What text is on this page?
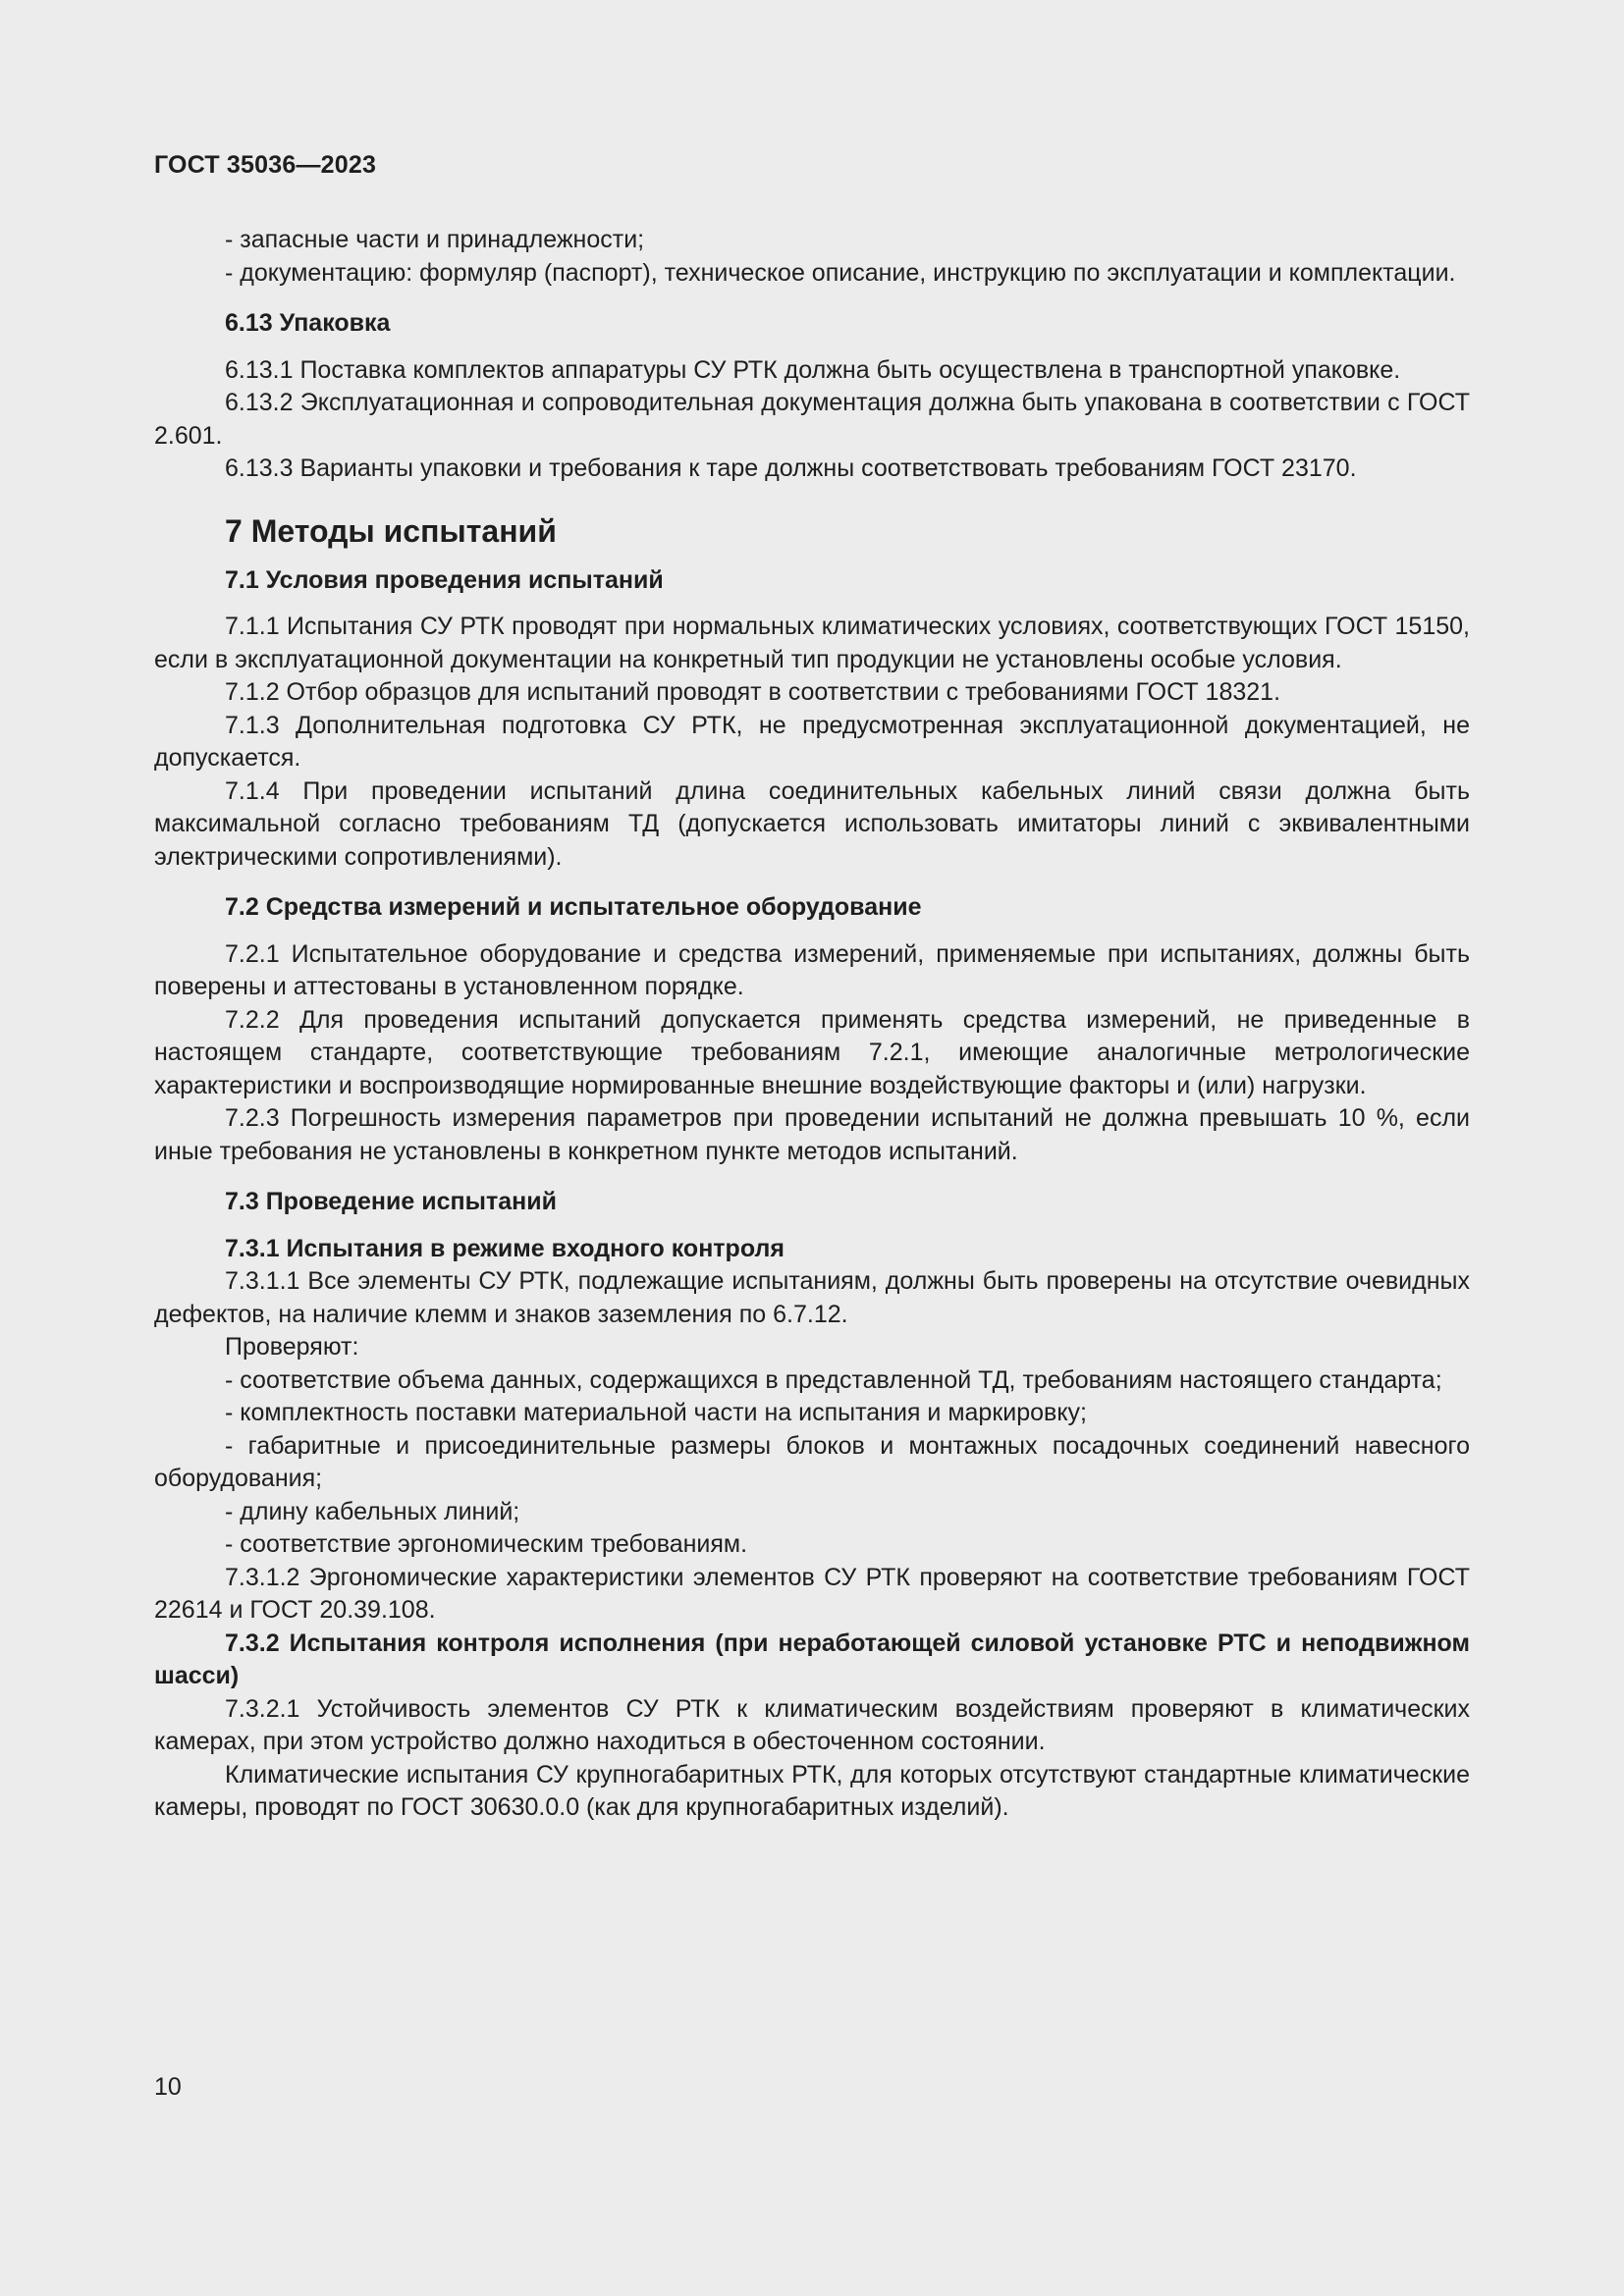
ГОСТ 35036—2023

- запасные части и принадлежности;

- документацию: формуляр (паспорт), техническое описание, инструкцию по эксплуатации и комплектации.

6.13 Упаковка

6.13.1 Поставка комплектов аппаратуры СУ РТК должна быть осуществлена в транспортной упаковке.

6.13.2 Эксплуатационная и сопроводительная документация должна быть упакована в соответствии с ГОСТ 2.601.

6.13.3 Варианты упаковки и требования к таре должны соответствовать требованиям ГОСТ 23170.

7 Методы испытаний

7.1 Условия проведения испытаний

7.1.1 Испытания СУ РТК проводят при нормальных климатических условиях, соответствующих ГОСТ 15150, если в эксплуатационной документации на конкретный тип продукции не установлены особые условия.

7.1.2 Отбор образцов для испытаний проводят в соответствии с требованиями ГОСТ 18321.

7.1.3 Дополнительная подготовка СУ РТК, не предусмотренная эксплуатационной документацией, не допускается.

7.1.4 При проведении испытаний длина соединительных кабельных линий связи должна быть максимальной согласно требованиям ТД (допускается использовать имитаторы линий с эквивалентными электрическими сопротивлениями).

7.2 Средства измерений и испытательное оборудование

7.2.1 Испытательное оборудование и средства измерений, применяемые при испытаниях, должны быть поверены и аттестованы в установленном порядке.

7.2.2 Для проведения испытаний допускается применять средства измерений, не приведенные в настоящем стандарте, соответствующие требованиям 7.2.1, имеющие аналогичные метрологические характеристики и воспроизводящие нормированные внешние воздействующие факторы и (или) нагрузки.

7.2.3 Погрешность измерения параметров при проведении испытаний не должна превышать 10 %, если иные требования не установлены в конкретном пункте методов испытаний.

7.3 Проведение испытаний

7.3.1 Испытания в режиме входного контроля

7.3.1.1 Все элементы СУ РТК, подлежащие испытаниям, должны быть проверены на отсутствие очевидных дефектов, на наличие клемм и знаков заземления по 6.7.12.

Проверяют:

- соответствие объема данных, содержащихся в представленной ТД, требованиям настоящего стандарта;

- комплектность поставки материальной части на испытания и маркировку;

- габаритные и присоединительные размеры блоков и монтажных посадочных соединений навесного оборудования;

- длину кабельных линий;

- соответствие эргономическим требованиям.

7.3.1.2 Эргономические характеристики элементов СУ РТК проверяют на соответствие требованиям ГОСТ 22614 и ГОСТ 20.39.108.

7.3.2 Испытания контроля исполнения (при неработающей силовой установке РТС и неподвижном шасси)

7.3.2.1 Устойчивость элементов СУ РТК к климатическим воздействиям проверяют в климатических камерах, при этом устройство должно находиться в обесточенном состоянии.

Климатические испытания СУ крупногабаритных РТК, для которых отсутствуют стандартные климатические камеры, проводят по ГОСТ 30630.0.0 (как для крупногабаритных изделий).

10
